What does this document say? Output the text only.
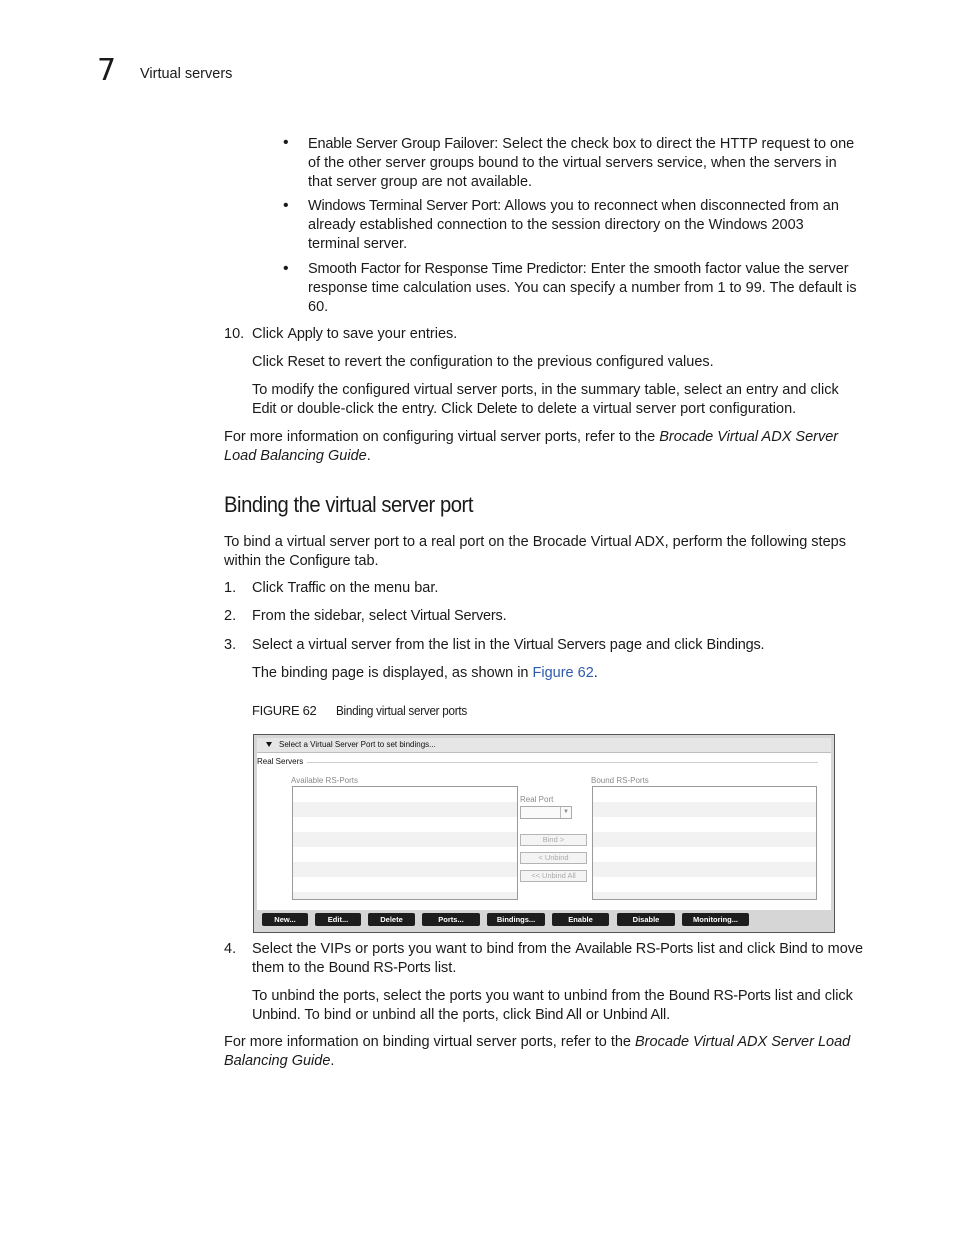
7 Virtual servers
• Enable Server Group Failover: Select the check box to direct the HTTP request to one
of the other server groups bound to the virtual servers service, when the servers in
that server group are not available.
• Windows Terminal Server Port: Allows you to reconnect when disconnected from an
already established connection to the session directory on the Windows 2003
terminal server.
• Smooth Factor for Response Time Predictor: Enter the smooth factor value the server
response time calculation uses. You can specify a number from 1 to 99. The default is
60.
10. Click Apply to save your entries.
Click Reset to revert the configuration to the previous configured values.
To modify the configured virtual server ports, in the summary table, select an entry and click
Edit or double-click the entry. Click Delete to delete a virtual server port configuration.
For more information on configuring virtual server ports, refer to the Brocade Virtual ADX Server
Load Balancing Guide.
Binding the virtual server port
To bind a virtual server port to a real port on the Brocade Virtual ADX, perform the following steps
within the Configure tab.
1. Click Traffic on the menu bar.
2. From the sidebar, select Virtual Servers.
3. Select a virtual server from the list in the Virtual Servers page and click Bindings.
The binding page is displayed, as shown in Figure 62.
FIGURE 62 Binding virtual server ports
Select a Virtual Server Port to set bindings...
Real Servers
Available RS-Ports
Real Port
▼
Bind >
< Unbind
<< Unbind All
Bound RS-Ports
New...	Edit...	Delete	Ports...	Bindings...	Enable	Disable	Monitoring...
4. Select the VIPs or ports you want to bind from the Available RS-Ports list and click Bind to move
them to the Bound RS-Ports list.
To unbind the ports, select the ports you want to unbind from the Bound RS-Ports list and click
Unbind. To bind or unbind all the ports, click Bind All or Unbind All.
For more information on binding virtual server ports, refer to the Brocade Virtual ADX Server Load
Balancing Guide.
